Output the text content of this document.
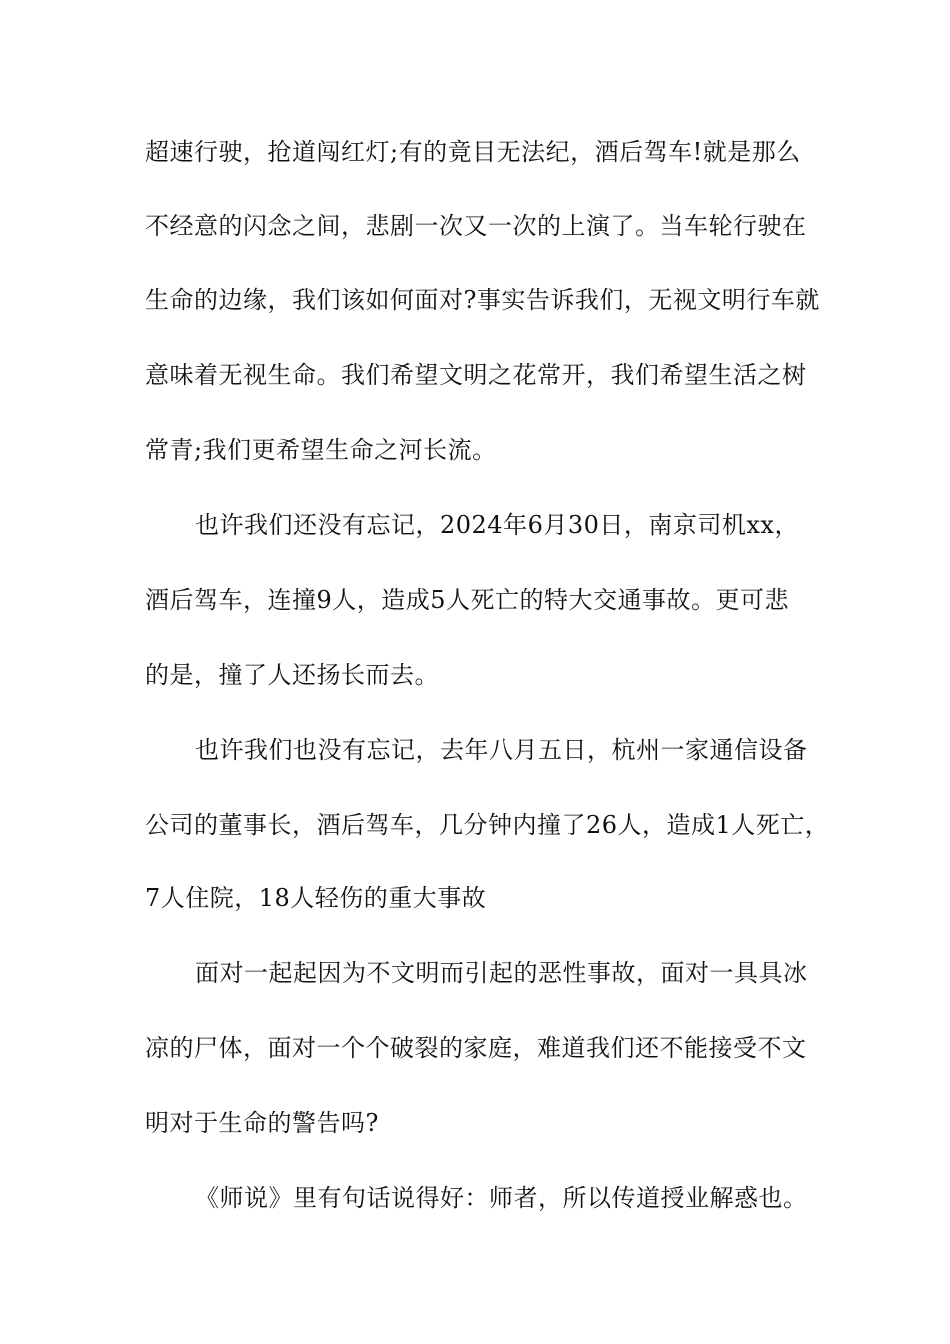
超速行驶，抢道闯红灯;有的竟目无法纪，酒后驾车!就是那么
不经意的闪念之间，悲剧一次又一次的上演了。当车轮行驶在
生命的边缘，我们该如何面对?事实告诉我们，无视文明行车就
意味着无视生命。我们希望文明之花常开，我们希望生活之树
常青;我们更希望生命之河长流。
也许我们还没有忘记，2024年6月30日，南京司机xx，
酒后驾车，连撞9人，造成5人死亡的特大交通事故。更可悲
的是，撞了人还扬长而去。
也许我们也没有忘记，去年八月五日，杭州一家通信设备
公司的董事长，酒后驾车，几分钟内撞了26人，造成1人死亡，
7人住院，18人轻伤的重大事故
面对一起起因为不文明而引起的恶性事故，面对一具具冰
凉的尸体，面对一个个破裂的家庭，难道我们还不能接受不文
明对于生命的警告吗?
《师说》里有句话说得好：师者，所以传道授业解惑也。
